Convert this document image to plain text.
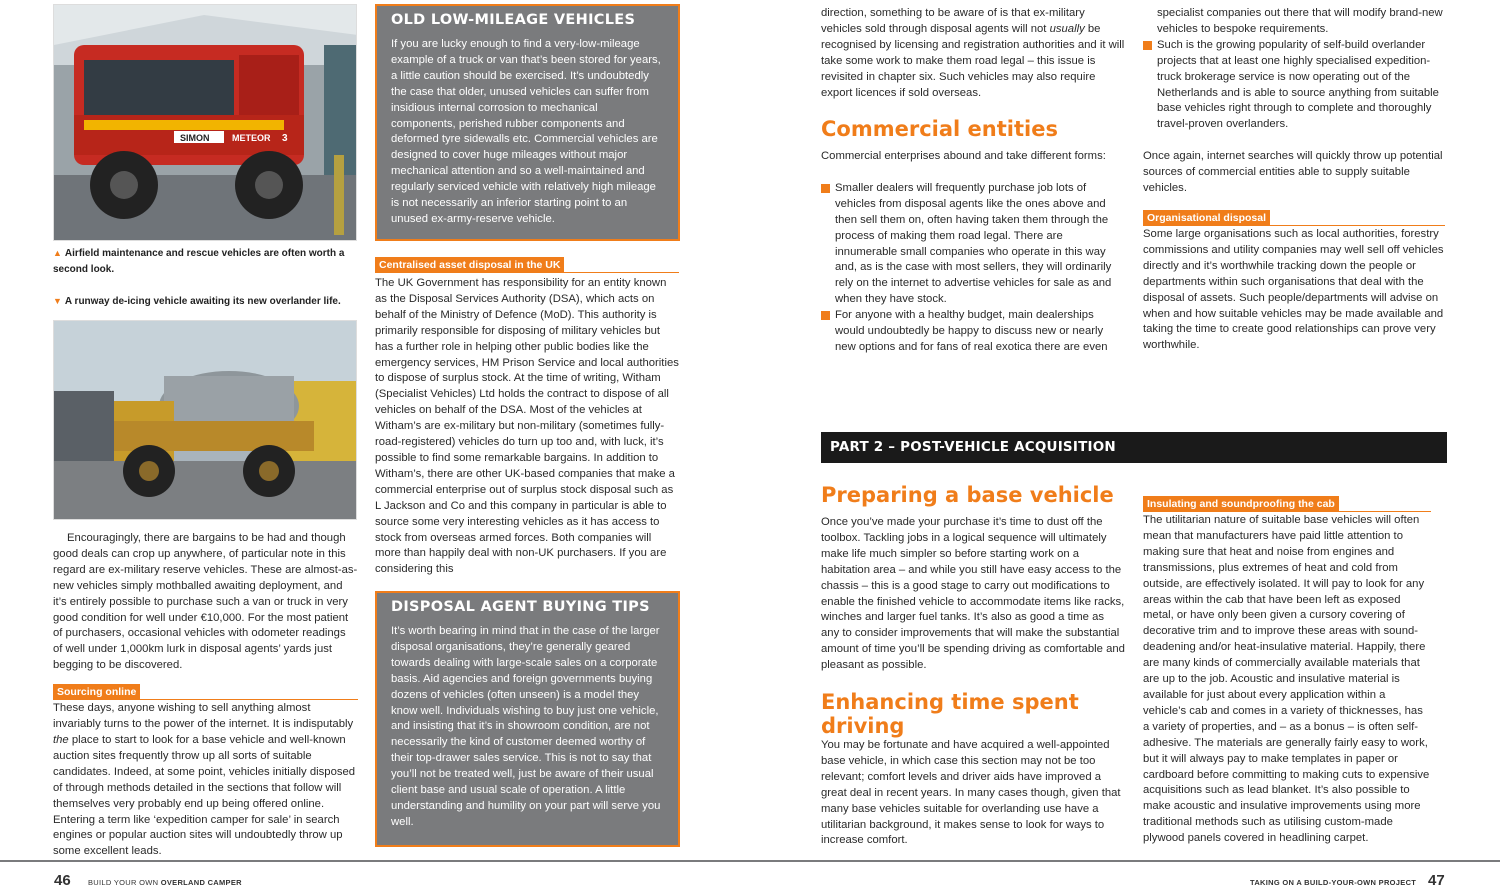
SIMON METEOR 3
▲ Airfield maintenance and rescue vehicles are often worth a second look.
▼ A runway de-icing vehicle awaiting its new overlander life.

Encouragingly, there are bargains to be had and though good deals can crop up anywhere, of particular note in this regard are ex-military reserve vehicles. These are almost-as-new vehicles simply mothballed awaiting deployment, and it’s entirely possible to purchase such a van or truck in very good condition for well under €10,000. For the most patient of purchasers, occasional vehicles with odometer readings of well under 1,000km lurk in disposal agents’ yards just begging to be discovered.

Sourcing online

These days, anyone wishing to sell anything almost invariably turns to the power of the internet. It is indisputably the place to start to look for a base vehicle and well-known auction sites frequently throw up all sorts of suitable candidates. Indeed, at some point, vehicles initially disposed of through methods detailed in the sections that follow will themselves very probably end up being offered online. Entering a term like ‘expedition camper for sale’ in search engines or popular auction sites will undoubtedly throw up some excellent leads.

OLD LOW-MILEAGE VEHICLES
If you are lucky enough to find a very-low-mileage example of a truck or van that’s been stored for years, a little caution should be exercised. It’s undoubtedly the case that older, unused vehicles can suffer from insidious internal corrosion to mechanical components, perished rubber components and deformed tyre sidewalls etc. Commercial vehicles are designed to cover huge mileages without major mechanical attention and so a well-maintained and regularly serviced vehicle with relatively high mileage is not necessarily an inferior starting point to an unused ex-army-reserve vehicle.
Centralised asset disposal in the UK

The UK Government has responsibility for an entity known as the Disposal Services Authority (DSA), which acts on behalf of the Ministry of Defence (MoD). This authority is primarily responsible for disposing of military vehicles but has a further role in helping other public bodies like the emergency services, HM Prison Service and local authorities to dispose of surplus stock. At the time of writing, Witham (Specialist Vehicles) Ltd holds the contract to dispose of all vehicles on behalf of the DSA. Most of the vehicles at Witham’s are ex-military but non-military (sometimes fully-road-registered) vehicles do turn up too and, with luck, it’s possible to find some remarkable bargains. In addition to Witham’s, there are other UK-based companies that make a commercial enterprise out of surplus stock disposal such as L Jackson and Co and this company in particular is able to source some very interesting vehicles as it has access to stock from overseas armed forces. Both companies will more than happily deal with non-UK purchasers. If you are considering this

DISPOSAL AGENT BUYING TIPS
It’s worth bearing in mind that in the case of the larger disposal organisations, they’re generally geared towards dealing with large-scale sales on a corporate basis. Aid agencies and foreign governments buying dozens of vehicles (often unseen) is a model they know well. Individuals wishing to buy just one vehicle, and insisting that it’s in showroom condition, are not necessarily the kind of customer deemed worthy of their top-drawer sales service. This is not to say that you’ll not be treated well, just be aware of their usual client base and usual scale of operation. A little understanding and humility on your part will serve you well.

direction, something to be aware of is that ex-military vehicles sold through disposal agents will not usually be recognised by licensing and registration authorities and it will take some work to make them road legal – this issue is revisited in chapter six. Such vehicles may also require export licences if sold overseas.

Commercial entities

Commercial enterprises abound and take different forms:

Smaller dealers will frequently purchase job lots of vehicles from disposal agents like the ones above and then sell them on, often having taken them through the process of making them road legal. There are innumerable small companies who operate in this way and, as is the case with most sellers, they will ordinarily rely on the internet to advertise vehicles for sale as and when they have stock.
For anyone with a healthy budget, main dealerships would undoubtedly be happy to discuss new or nearly new options and for fans of real exotica there are even

specialist companies out there that will modify brand-new vehicles to bespoke requirements.

Such is the growing popularity of self-build overlander projects that at least one highly specialised expedition-truck brokerage service is now operating out of the Netherlands and is able to source anything from suitable base vehicles right through to complete and thoroughly travel-proven overlanders.

Once again, internet searches will quickly throw up potential sources of commercial entities able to supply suitable vehicles.

Organisational disposal

Some large organisations such as local authorities, forestry commissions and utility companies may well sell off vehicles directly and it’s worthwhile tracking down the people or departments within such organisations that deal with the disposal of assets. Such people/departments will advise on when and how suitable vehicles may be made available and taking the time to create good relationships can prove very worthwhile.

PART 2 – POST-VEHICLE ACQUISITION
Preparing a base vehicle

Once you’ve made your purchase it’s time to dust off the toolbox. Tackling jobs in a logical sequence will ultimately make life much simpler so before starting work on a habitation area – and while you still have easy access to the chassis – this is a good stage to carry out modifications to enable the finished vehicle to accommodate items like racks, winches and larger fuel tanks. It’s also as good a time as any to consider improvements that will make the substantial amount of time you’ll be spending driving as comfortable and pleasant as possible.

Enhancing time spent driving

You may be fortunate and have acquired a well-appointed base vehicle, in which case this section may not be too relevant; comfort levels and driver aids have improved a great deal in recent years. In many cases though, given that many base vehicles suitable for overlanding use have a utilitarian background, it makes sense to look for ways to increase comfort.

Insulating and soundproofing the cab

The utilitarian nature of suitable base vehicles will often mean that manufacturers have paid little attention to making sure that heat and noise from engines and transmissions, plus extremes of heat and cold from outside, are effectively isolated. It will pay to look for any areas within the cab that have been left as exposed metal, or have only been given a cursory covering of decorative trim and to improve these areas with sound-deadening and/or heat-insulative material. Happily, there are many kinds of commercially available materials that are up to the job. Acoustic and insulative material is available for just about every application within a vehicle’s cab and comes in a variety of thicknesses, has a variety of properties, and – as a bonus – is often self-adhesive. The materials are generally fairly easy to work, but it will always pay to make templates in paper or cardboard before committing to making cuts to expensive acquisitions such as lead blanket. It’s also possible to make acoustic and insulative improvements using more traditional methods such as utilising custom-made plywood panels covered in headlining carpet.

46 BUILD YOUR OWN OVERLAND CAMPER	TAKING ON A BUILD-YOUR-OWN PROJECT 47
